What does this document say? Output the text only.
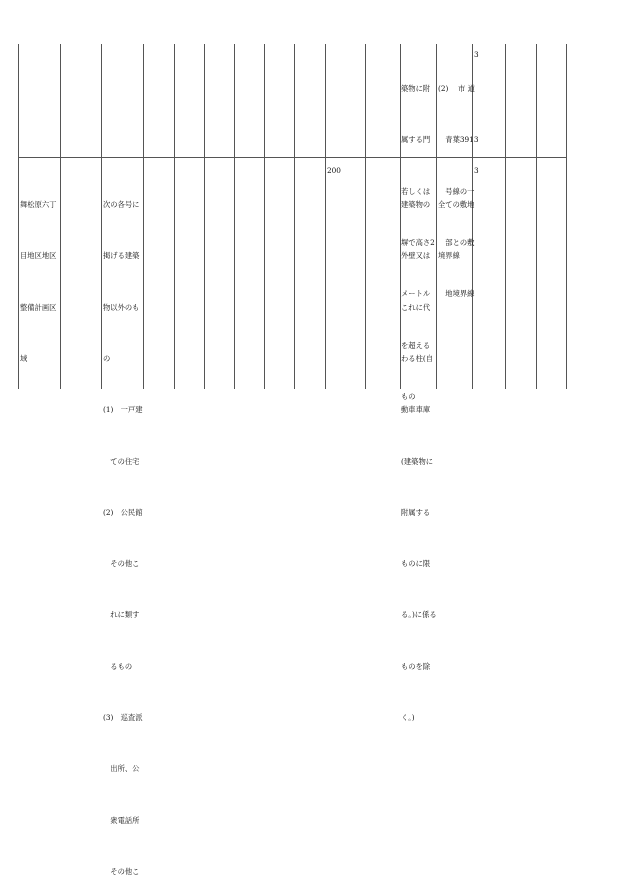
築物に附

属する門

若しくは

塀で高さ2

メートル

を超える

もの

(2)　 市 道

　青葉3913

　号線の一

　部との敷

　地境界線

3

舞松原六丁

目地区地区

整備計画区

域

次の各号に

掲げる建築

物以外のも

の

(1)　一戸建

　ての住宅

(2)　公民館

　その他こ

　れに類す

　るもの

(3)　巡査派

　出所、公

　衆電話所

　その他こ

200

建築物の

外壁又は

これに代

わる柱(自

動車車庫

(建築物に

附属する

ものに限

る。)に係る

ものを除

く。)

全ての敷地

境界線

3
